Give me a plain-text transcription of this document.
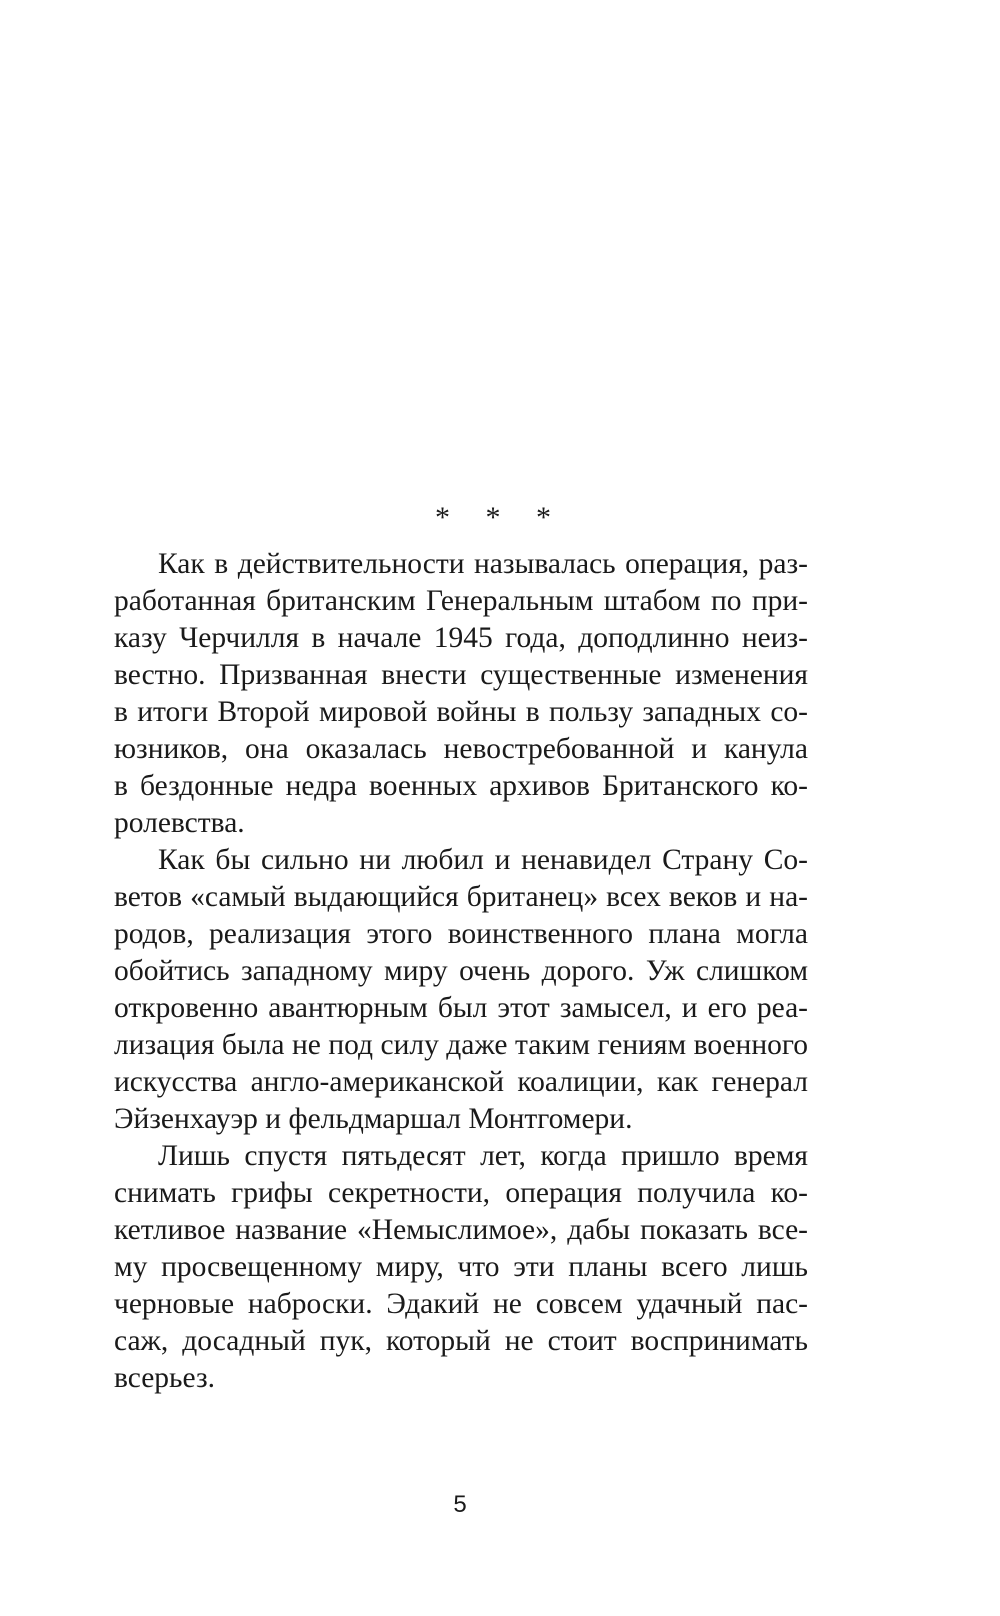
* * *
Как в действительности называлась операция, раз-
работанная британским Генеральным штабом по при-
казу Черчилля в начале 1945 года, доподлинно неиз-
вестно. Призванная внести существенные изменения
в итоги Второй мировой войны в пользу западных со-
юзников, она оказалась невостребованной и канула
в бездонные недра военных архивов Британского ко-
ролевства.
Как бы сильно ни любил и ненавидел Страну Со-
ветов «самый выдающийся британец» всех веков и на-
родов, реализация этого воинственного плана могла
обойтись западному миру очень дорого. Уж слишком
откровенно авантюрным был этот замысел, и его реа-
лизация была не под силу даже таким гениям военного
искусства англо-американской коалиции, как генерал
Эйзенхауэр и фельдмаршал Монтгомери.
Лишь спустя пятьдесят лет, когда пришло время
снимать грифы секретности, операция получила ко-
кетливое название «Немыслимое», дабы показать все-
му просвещенному миру, что эти планы всего лишь
черновые наброски. Эдакий не совсем удачный пас-
саж, досадный пук, который не стоит воспринимать
всерьез.
5
